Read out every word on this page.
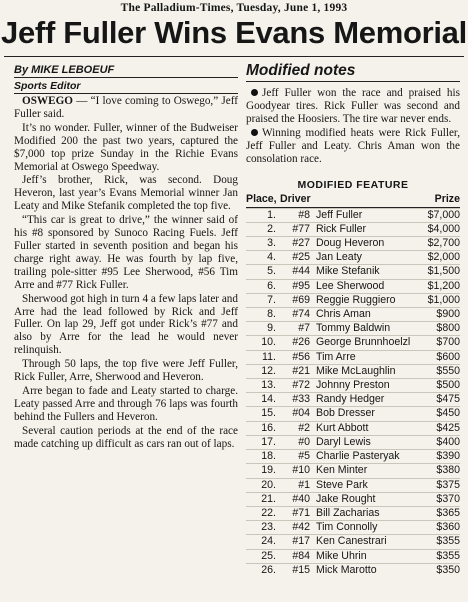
The Palladium-Times, Tuesday, June 1, 1993
Jeff Fuller Wins Evans Memorial
By MIKE LEBOEUF
Sports Editor

OSWEGO — “I love coming to Oswego,” Jeff Fuller said.

It’s no wonder. Fuller, winner of the Budweiser Modified 200 the past two years, captured the $7,000 top prize Sunday in the Richie Evans Memorial at Oswego Speedway.

Jeff’s brother, Rick, was second. Doug Heveron, last year’s Evans Memorial winner Jan Leaty and Mike Stefanik completed the top five.

“This car is great to drive,” the winner said of his #8 sponsored by Sunoco Racing Fuels. Jeff Fuller started in seventh position and began his charge right away. He was fourth by lap five, trailing pole-sitter #95 Lee Sherwood, #56 Tim Arre and #77 Rick Fuller.

Sherwood got high in turn 4 a few laps later and Arre had the lead followed by Rick and Jeff Fuller. On lap 29, Jeff got under Rick’s #77 and also by Arre for the lead he would never relinquish.

Through 50 laps, the top five were Jeff Fuller, Rick Fuller, Arre, Sherwood and Heveron.

Arre began to fade and Leaty started to charge. Leaty passed Arre and through 76 laps was fourth behind the Fullers and Heveron.

Several caution periods at the end of the race made catching up difficult as cars ran out of laps.

Modified notes

Jeff Fuller won the race and praised his Goodyear tires. Rick Fuller was second and praised the Hoosiers. The tire war never ends.

Winning modified heats were Rick Fuller, Jeff Fuller and Leaty. Chris Aman won the consolation race.

MODIFIED FEATURE
Place, Driver	Prize
1.	#8 Jeff Fuller	$7,000
2.	#77 Rick Fuller	$4,000
3.	#27 Doug Heveron	$2,700
4.	#25 Jan Leaty	$2,000
5.	#44 Mike Stefanik	$1,500
6.	#95 Lee Sherwood	$1,200
7.	#69 Reggie Ruggiero	$1,000
8.	#74 Chris Aman	$900
9.	#7 Tommy Baldwin	$800
10.	#26 George Brunnhoelzl	$700
11.	#56 Tim Arre	$600
12.	#21 Mike McLaughlin	$550
13.	#72 Johnny Preston	$500
14.	#33 Randy Hedger	$475
15.	#04 Bob Dresser	$450
16.	#2 Kurt Abbott	$425
17.	#0 Daryl Lewis	$400
18.	#5 Charlie Pasteryak	$390
19.	#10 Ken Minter	$380
20.	#1 Steve Park	$375
21.	#40 Jake Rought	$370
22.	#71 Bill Zacharias	$365
23.	#42 Tim Connolly	$360
24.	#17 Ken Canestrari	$355
25.	#84 Mike Uhrin	$355
26.	#15 Mick Marotto	$350
